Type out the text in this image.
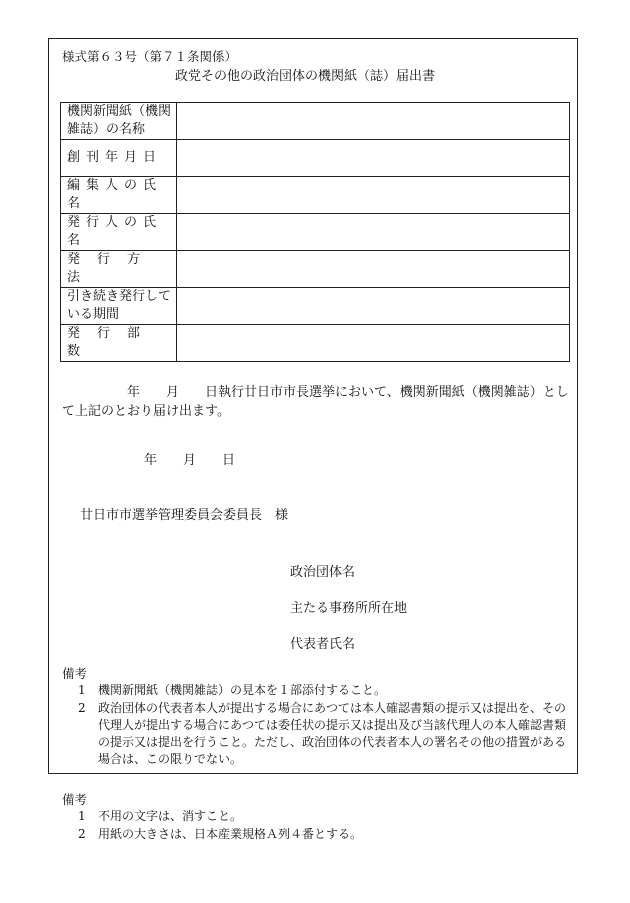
様式第６３号（第７１条関係）
政党その他の政治団体の機関紙（誌）届出書
機関新聞紙（機関雑誌）の名称	
創刊年月日	
編集人の氏名	
発行人の氏名	
発行方法	
引き続き発行している期間	
発行部数	
　　　　　年　　月　　日執行廿日市市長選挙において、機関新聞紙（機関雑誌）として上記のとおり届け出ます。
年　　月　　日
廿日市市選挙管理委員会委員長　様
政治団体名
主たる事務所所在地
代表者氏名
備考
1	機関新聞紙（機関雑誌）の見本を１部添付すること。
2	政治団体の代表者本人が提出する場合にあつては本人確認書類の提示又は提出を、その代理人が提出する場合にあつては委任状の提示又は提出及び当該代理人の本人確認書類の提示又は提出を行うこと。ただし、政治団体の代表者本人の署名その他の措置がある場合は、この限りでない。
備考
1	不用の文字は、消すこと。
2	用紙の大きさは、日本産業規格Ａ列４番とする。
